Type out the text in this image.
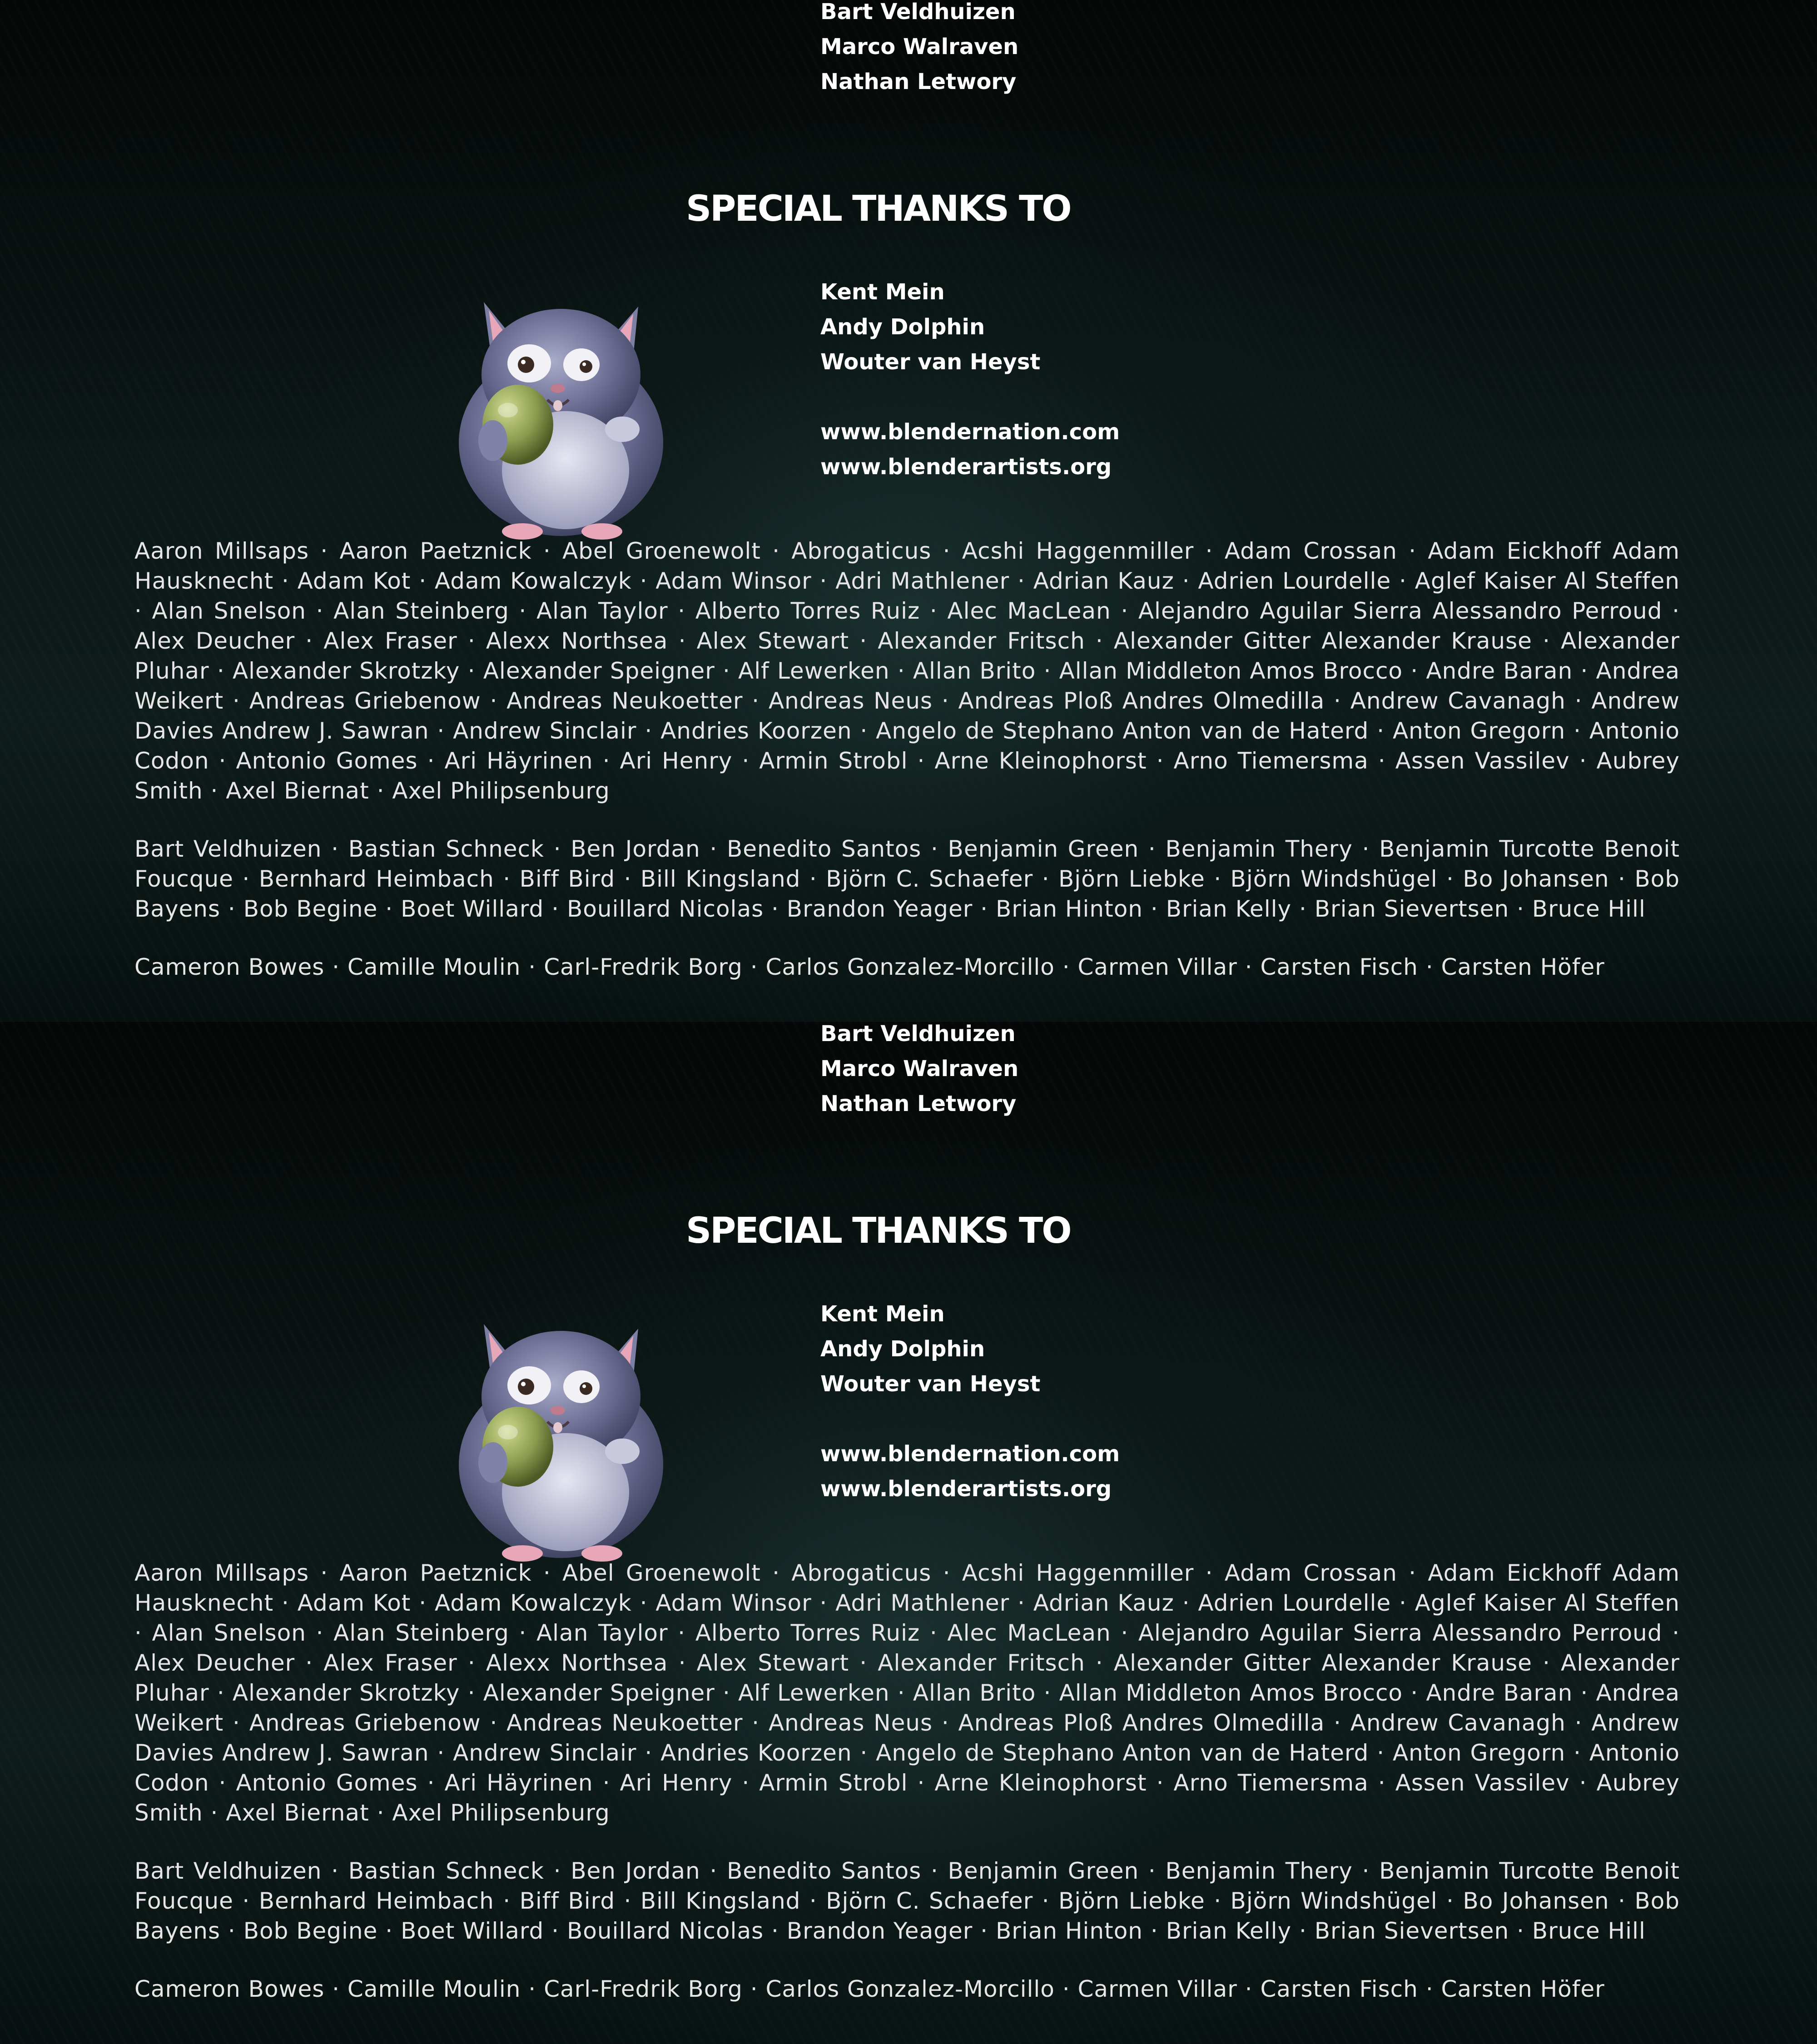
Bart Veldhuizen
Marco Walraven
Nathan Letwory
SPECIAL THANKS TO
Kent Mein
Andy Dolphin
Wouter van Heyst
www.blendernation.com
www.blenderartists.org

Aaron Millsaps · Aaron Paetznick · Abel Groenewolt · Abrogaticus · Acshi Haggenmiller · Adam Crossan · Adam Eickhoff Adam Hausknecht · Adam Kot · Adam Kowalczyk · Adam Winsor · Adri Mathlener · Adrian Kauz · Adrien Lourdelle · Aglef Kaiser Al Steffen · Alan Snelson · Alan Steinberg · Alan Taylor · Alberto Torres Ruiz · Alec MacLean · Alejandro Aguilar Sierra Alessandro Perroud · Alex Deucher · Alex Fraser · Alexx Northsea · Alex Stewart · Alexander Fritsch · Alexander Gitter Alexander Krause · Alexander Pluhar · Alexander Skrotzky · Alexander Speigner · Alf Lewerken · Allan Brito · Allan Middleton Amos Brocco · Andre Baran · Andrea Weikert · Andreas Griebenow · Andreas Neukoetter · Andreas Neus · Andreas Ploß Andres Olmedilla · Andrew Cavanagh · Andrew Davies Andrew J. Sawran · Andrew Sinclair · Andries Koorzen · Angelo de Stephano Anton van de Haterd · Anton Gregorn · Antonio Codon · Antonio Gomes · Ari Häyrinen · Ari Henry · Armin Strobl · Arne Kleinophorst · Arno Tiemersma · Assen Vassilev · Aubrey Smith · Axel Biernat · Axel Philipsenburg

Bart Veldhuizen · Bastian Schneck · Ben Jordan · Benedito Santos · Benjamin Green · Benjamin Thery · Benjamin Turcotte Benoit Foucque · Bernhard Heimbach · Biff Bird · Bill Kingsland · Björn C. Schaefer · Björn Liebke · Björn Windshügel · Bo Johansen · Bob Bayens · Bob Begine · Boet Willard · Bouillard Nicolas · Brandon Yeager · Brian Hinton · Brian Kelly · Brian Sievertsen · Bruce Hill

Cameron Bowes · Camille Moulin · Carl-Fredrik Borg · Carlos Gonzalez-Morcillo · Carmen Villar · Carsten Fisch · Carsten Höfer

Bart Veldhuizen
Marco Walraven
Nathan Letwory
SPECIAL THANKS TO
Kent Mein
Andy Dolphin
Wouter van Heyst
www.blendernation.com
www.blenderartists.org

Aaron Millsaps · Aaron Paetznick · Abel Groenewolt · Abrogaticus · Acshi Haggenmiller · Adam Crossan · Adam Eickhoff Adam Hausknecht · Adam Kot · Adam Kowalczyk · Adam Winsor · Adri Mathlener · Adrian Kauz · Adrien Lourdelle · Aglef Kaiser Al Steffen · Alan Snelson · Alan Steinberg · Alan Taylor · Alberto Torres Ruiz · Alec MacLean · Alejandro Aguilar Sierra Alessandro Perroud · Alex Deucher · Alex Fraser · Alexx Northsea · Alex Stewart · Alexander Fritsch · Alexander Gitter Alexander Krause · Alexander Pluhar · Alexander Skrotzky · Alexander Speigner · Alf Lewerken · Allan Brito · Allan Middleton Amos Brocco · Andre Baran · Andrea Weikert · Andreas Griebenow · Andreas Neukoetter · Andreas Neus · Andreas Ploß Andres Olmedilla · Andrew Cavanagh · Andrew Davies Andrew J. Sawran · Andrew Sinclair · Andries Koorzen · Angelo de Stephano Anton van de Haterd · Anton Gregorn · Antonio Codon · Antonio Gomes · Ari Häyrinen · Ari Henry · Armin Strobl · Arne Kleinophorst · Arno Tiemersma · Assen Vassilev · Aubrey Smith · Axel Biernat · Axel Philipsenburg

Bart Veldhuizen · Bastian Schneck · Ben Jordan · Benedito Santos · Benjamin Green · Benjamin Thery · Benjamin Turcotte Benoit Foucque · Bernhard Heimbach · Biff Bird · Bill Kingsland · Björn C. Schaefer · Björn Liebke · Björn Windshügel · Bo Johansen · Bob Bayens · Bob Begine · Boet Willard · Bouillard Nicolas · Brandon Yeager · Brian Hinton · Brian Kelly · Brian Sievertsen · Bruce Hill

Cameron Bowes · Camille Moulin · Carl-Fredrik Borg · Carlos Gonzalez-Morcillo · Carmen Villar · Carsten Fisch · Carsten Höfer
